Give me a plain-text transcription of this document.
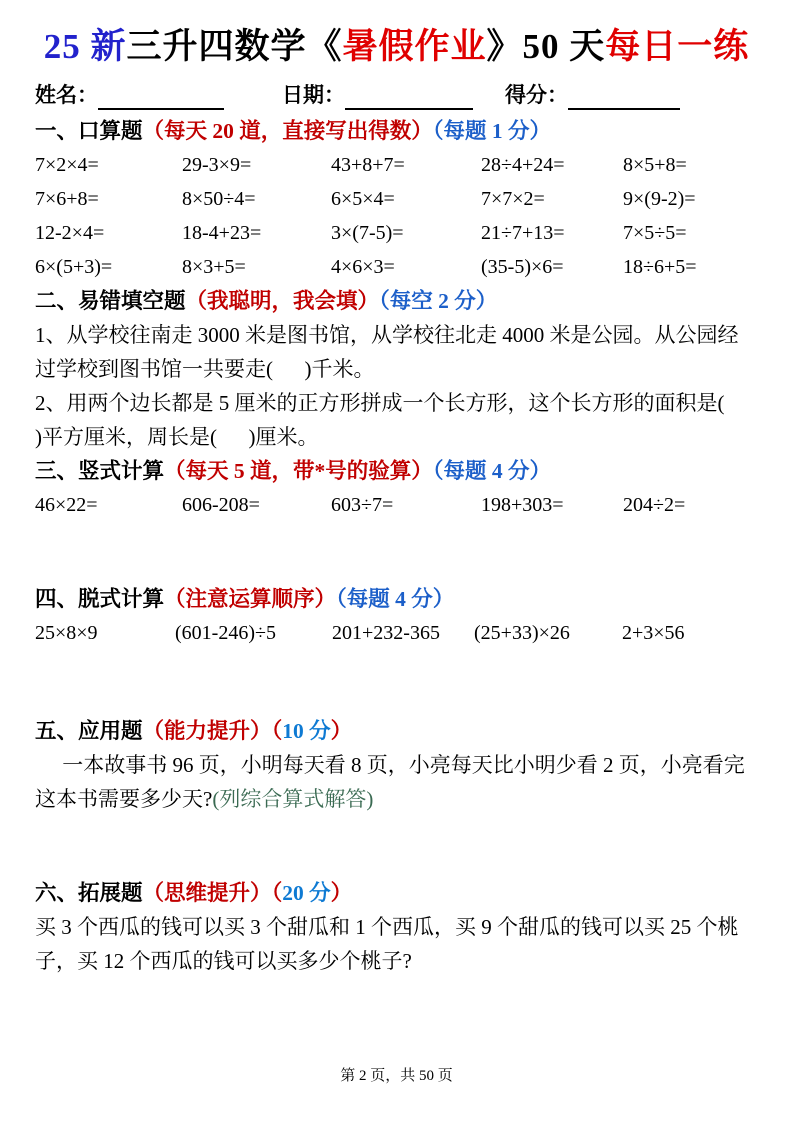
25 新三升四数学《暑假作业》50 天每日一练
姓名：	日期：	得分：
一、口算题（每天 20 道，直接写出得数）（每题 1 分）
7×2×4=	29-3×9=	43+8+7=	28÷4+24=	8×5+8=
7×6+8=	8×50÷4=	6×5×4=	7×7×2=	9×(9-2)=
12-2×4=	18-4+23=	3×(7-5)=	21÷7+13=	7×5÷5=
6×(5+3)=	8×3+5=	4×6×3=	(35-5)×6=	18÷6+5=
二、易错填空题（我聪明，我会填）（每空 2 分）

1、从学校往南走 3000 米是图书馆，从学校往北走 4000 米是公园。从公园经过学校到图书馆一共要走(      )千米。

2、用两个边长都是 5 厘米的正方形拼成一个长方形，这个长方形的面积是(      )平方厘米，周长是(      )厘米。

三、竖式计算（每天 5 道，带*号的验算）（每题 4 分）
46×22=	606-208=	603÷7=	198+303=	204÷2=
四、脱式计算（注意运算顺序）（每题 4 分）
25×8×9	(601-246)÷5	201+232-365	(25+33)×26	2+3×56
五、应用题（能力提升）（10 分）

一本故事书 96 页，小明每天看 8 页，小亮每天比小明少看 2 页，小亮看完这本书需要多少天?(列综合算式解答)

六、拓展题（思维提升）（20 分）

买 3 个西瓜的钱可以买 3 个甜瓜和 1 个西瓜，买 9 个甜瓜的钱可以买 25 个桃子，买 12 个西瓜的钱可以买多少个桃子?

第 2 页，共 50 页
